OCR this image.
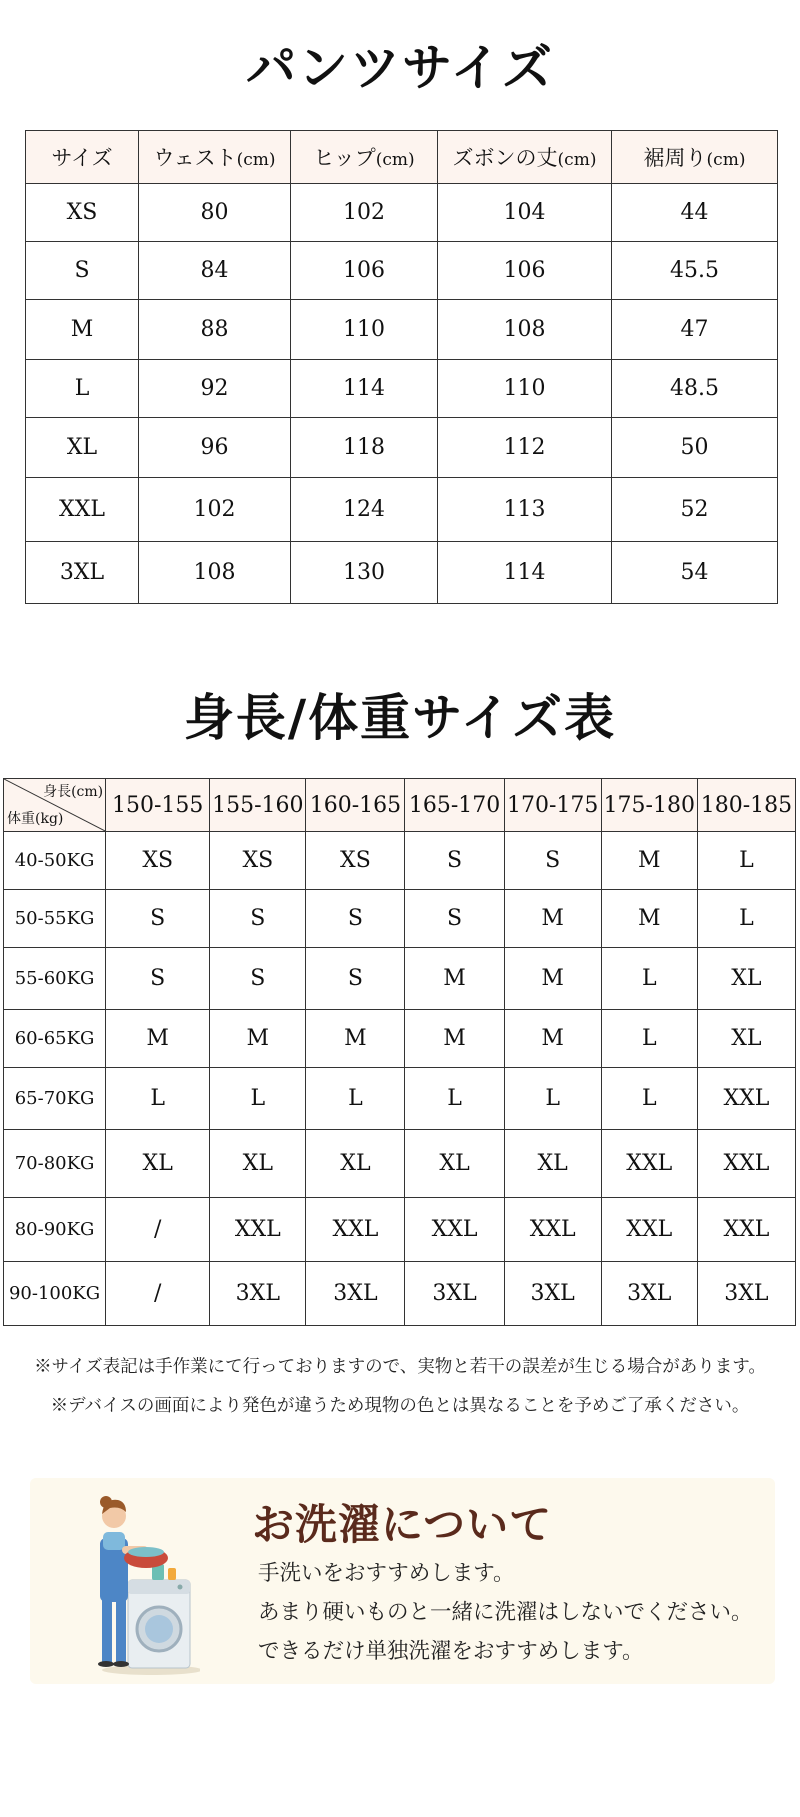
パンツサイズ
サイズ	ウェスト(cm)	ヒップ(cm)	ズボンの丈(cm)	裾周り(cm)
XS	80	102	104	44
S	84	106	106	45.5
M	88	110	108	47
L	92	114	110	48.5
XL	96	118	112	50
XXL	102	124	113	52
3XL	108	130	114	54
身長/体重サイズ表
身長(cm)
体重(kg)	150-155	155-160	160-165	165-170	170-175	175-180	180-185
40-50KG	XS	XS	XS	S	S	M	L
50-55KG	S	S	S	S	M	M	L
55-60KG	S	S	S	M	M	L	XL
60-65KG	M	M	M	M	M	L	XL
65-70KG	L	L	L	L	L	L	XXL
70-80KG	XL	XL	XL	XL	XL	XXL	XXL
80-90KG	/	XXL	XXL	XXL	XXL	XXL	XXL
90-100KG	/	3XL	3XL	3XL	3XL	3XL	3XL
※サイズ表記は手作業にて行っておりますので、実物と若干の誤差が生じる場合があります。
※デバイスの画面により発色が違うため現物の色とは異なることを予めご了承ください。
お洗濯について
手洗いをおすすめします。
あまり硬いものと一緒に洗濯はしないでください。
できるだけ単独洗濯をおすすめします。
